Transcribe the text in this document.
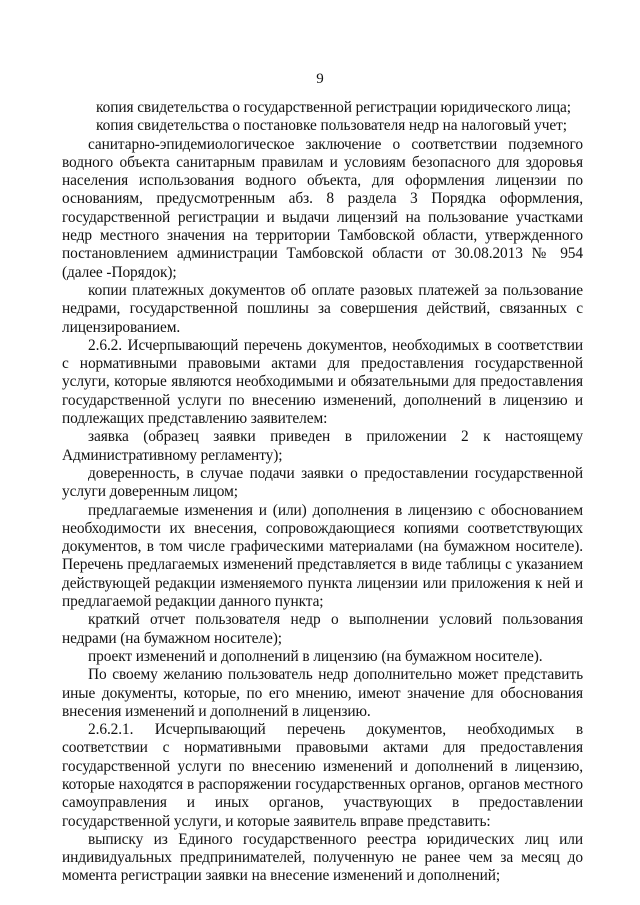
9

копия свидетельства о государственной регистрации юридического лица;

копия свидетельства о постановке пользователя недр на налоговый учет;

санитарно-эпидемиологическое заключение о соответствии подземного водного объекта санитарным правилам и условиям безопасного для здоровья населения использования водного объекта, для оформления лицензии по основаниям, предусмотренным абз. 8 раздела 3 Порядка оформления, государственной регистрации и выдачи лицензий на пользование участками недр местного значения на территории Тамбовской области, утвержденного постановлением администрации Тамбовской области от 30.08.2013 № 954 (далее -Порядок);

копии платежных документов об оплате разовых платежей за пользование недрами, государственной пошлины за совершения действий, связанных с лицензированием.

2.6.2. Исчерпывающий перечень документов, необходимых в соответствии с нормативными правовыми актами для предоставления государственной услуги, которые являются необходимыми и обязательными для предоставления государственной услуги по внесению изменений, дополнений в лицензию и подлежащих представлению заявителем:

заявка (образец заявки приведен в приложении 2 к настоящему Административному регламенту);

доверенность, в случае подачи заявки о предоставлении государственной услуги доверенным лицом;

предлагаемые изменения и (или) дополнения в лицензию с обоснованием необходимости их внесения, сопровождающиеся копиями соответствующих документов, в том числе графическими материалами (на бумажном носителе). Перечень предлагаемых изменений представляется в виде таблицы с указанием действующей редакции изменяемого пункта лицензии или приложения к ней и предлагаемой редакции данного пункта;

краткий отчет пользователя недр о выполнении условий пользования недрами (на бумажном носителе);

проект изменений и дополнений в лицензию (на бумажном носителе).

По своему желанию пользователь недр дополнительно может представить иные документы, которые, по его мнению, имеют значение для обоснования внесения изменений и дополнений в лицензию.

2.6.2.1. Исчерпывающий перечень документов, необходимых в соответствии с нормативными правовыми актами для предоставления государственной услуги по внесению изменений и дополнений в лицензию, которые находятся в распоряжении государственных органов, органов местного самоуправления и иных органов, участвующих в предоставлении государственной услуги, и которые заявитель вправе представить:

выписку из Единого государственного реестра юридических лиц или индивидуальных предпринимателей, полученную не ранее чем за месяц до момента регистрации заявки на внесение изменений и дополнений;
